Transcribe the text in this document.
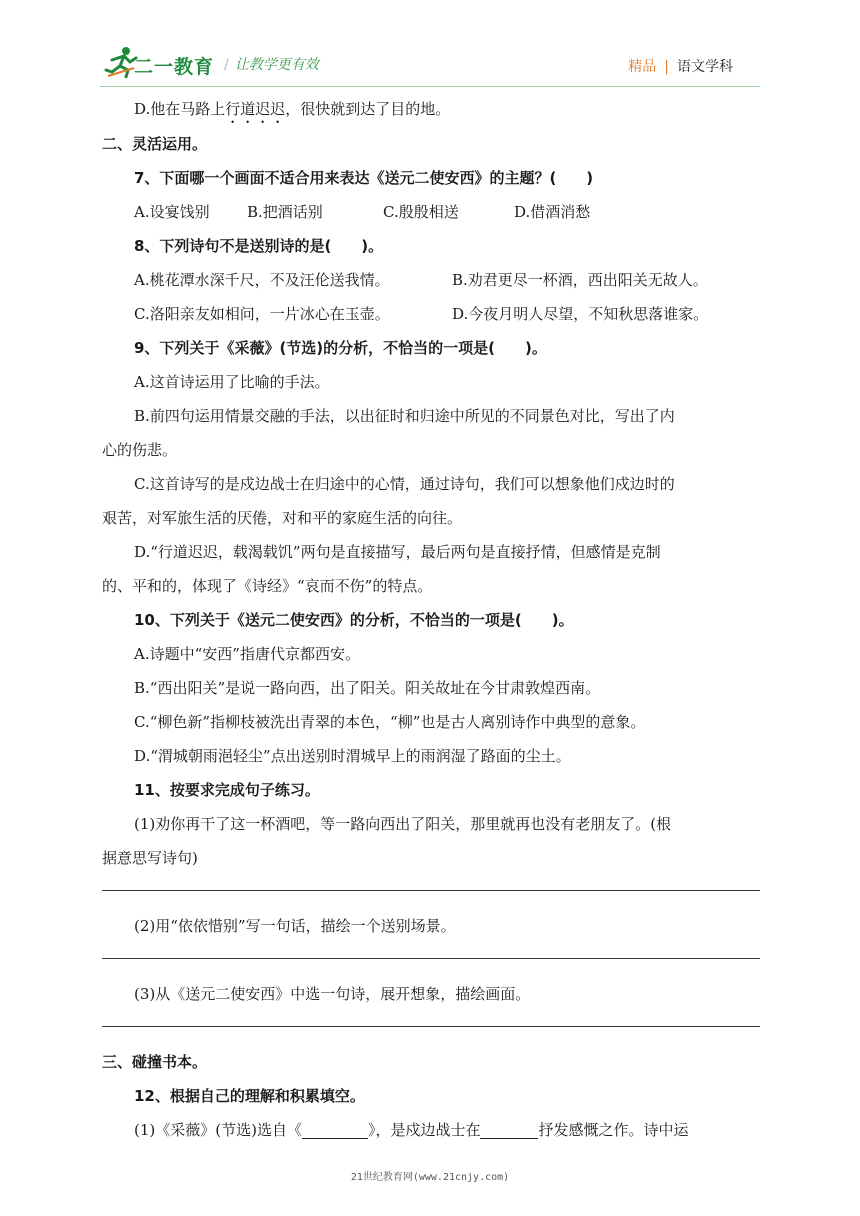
二一教育 / 让教学更有效	精品 | 语文学科
D.他在马路上行道迟迟，很快就到达了目的地。
二、灵活运用。
7、下面哪一个画面不适合用来表达《送元二使安西》的主题？(　　)
A.设宴饯别	B.把酒话别	C.殷殷相送	D.借酒消愁
8、下列诗句不是送别诗的是(　　)。
A.桃花潭水深千尺，不及汪伦送我情。	B.劝君更尽一杯酒，西出阳关无故人。
C.洛阳亲友如相问，一片冰心在玉壶。	D.今夜月明人尽望，不知秋思落谁家。
9、下列关于《采薇》(节选)的分析，不恰当的一项是(　　)。
A.这首诗运用了比喻的手法。
B.前四句运用情景交融的手法，以出征时和归途中所见的不同景色对比，写出了内
心的伤悲。
C.这首诗写的是戍边战士在归途中的心情，通过诗句，我们可以想象他们戍边时的
艰苦，对军旅生活的厌倦，对和平的家庭生活的向往。
D.“行道迟迟，载渴载饥”两句是直接描写，最后两句是直接抒情，但感情是克制
的、平和的，体现了《诗经》“哀而不伤”的特点。
10、下列关于《送元二使安西》的分析，不恰当的一项是(　　)。
A.诗题中“安西”指唐代京都西安。
B.“西出阳关”是说一路向西，出了阳关。阳关故址在今甘肃敦煌西南。
C.“柳色新”指柳枝被洗出青翠的本色，“柳”也是古人离别诗作中典型的意象。
D.“渭城朝雨浥轻尘”点出送别时渭城早上的雨润湿了路面的尘土。
11、按要求完成句子练习。
(1)劝你再干了这一杯酒吧，等一路向西出了阳关，那里就再也没有老朋友了。(根
据意思写诗句)
(2)用“依依惜别”写一句话，描绘一个送别场景。
(3)从《送元二使安西》中选一句诗，展开想象，描绘画面。
三、碰撞书本。
12、根据自己的理解和积累填空。
(1)《采薇》(节选)选自《	》，是戍边战士在	抒发感慨之作。诗中运
21世纪教育网(www.21cnjy.com)
